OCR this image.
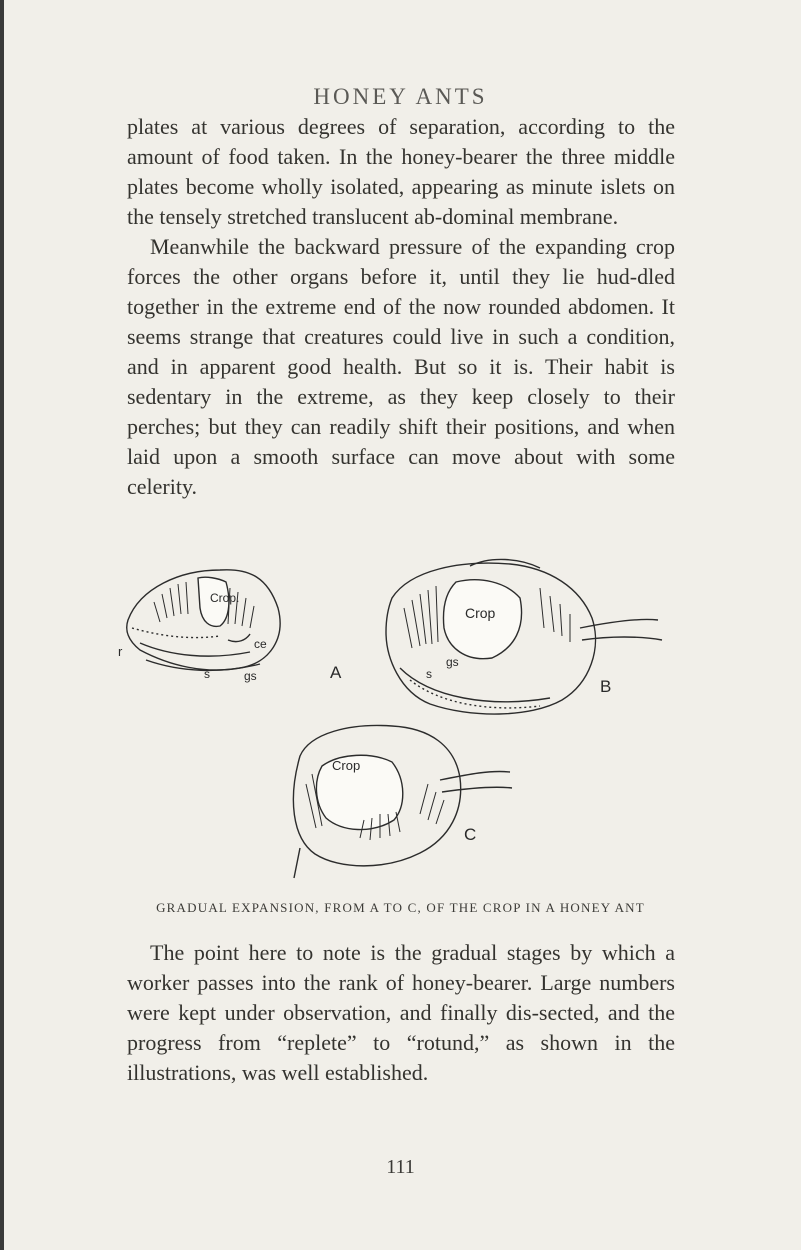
HONEY ANTS

plates at various degrees of separation, according to the amount of food taken. In the honey-bearer the three middle plates become wholly isolated, appearing as minute islets on the tensely stretched translucent ab-dominal membrane.

Meanwhile the backward pressure of the expanding crop forces the other organs before it, until they lie hud-dled together in the extreme end of the now rounded abdomen. It seems strange that creatures could live in such a condition, and in apparent good health. But so it is. Their habit is sedentary in the extreme, as they keep closely to their perches; but they can readily shift their positions, and when laid upon a smooth surface can move about with some celerity.

Crop.
r	ce
s	gs	A
Crop
gs
s
B
Crop
C
GRADUAL EXPANSION, FROM A TO C, OF THE CROP IN A HONEY ANT

The point here to note is the gradual stages by which a worker passes into the rank of honey-bearer. Large numbers were kept under observation, and finally dis-sected, and the progress from “replete” to “rotund,” as shown in the illustrations, was well established.

111
